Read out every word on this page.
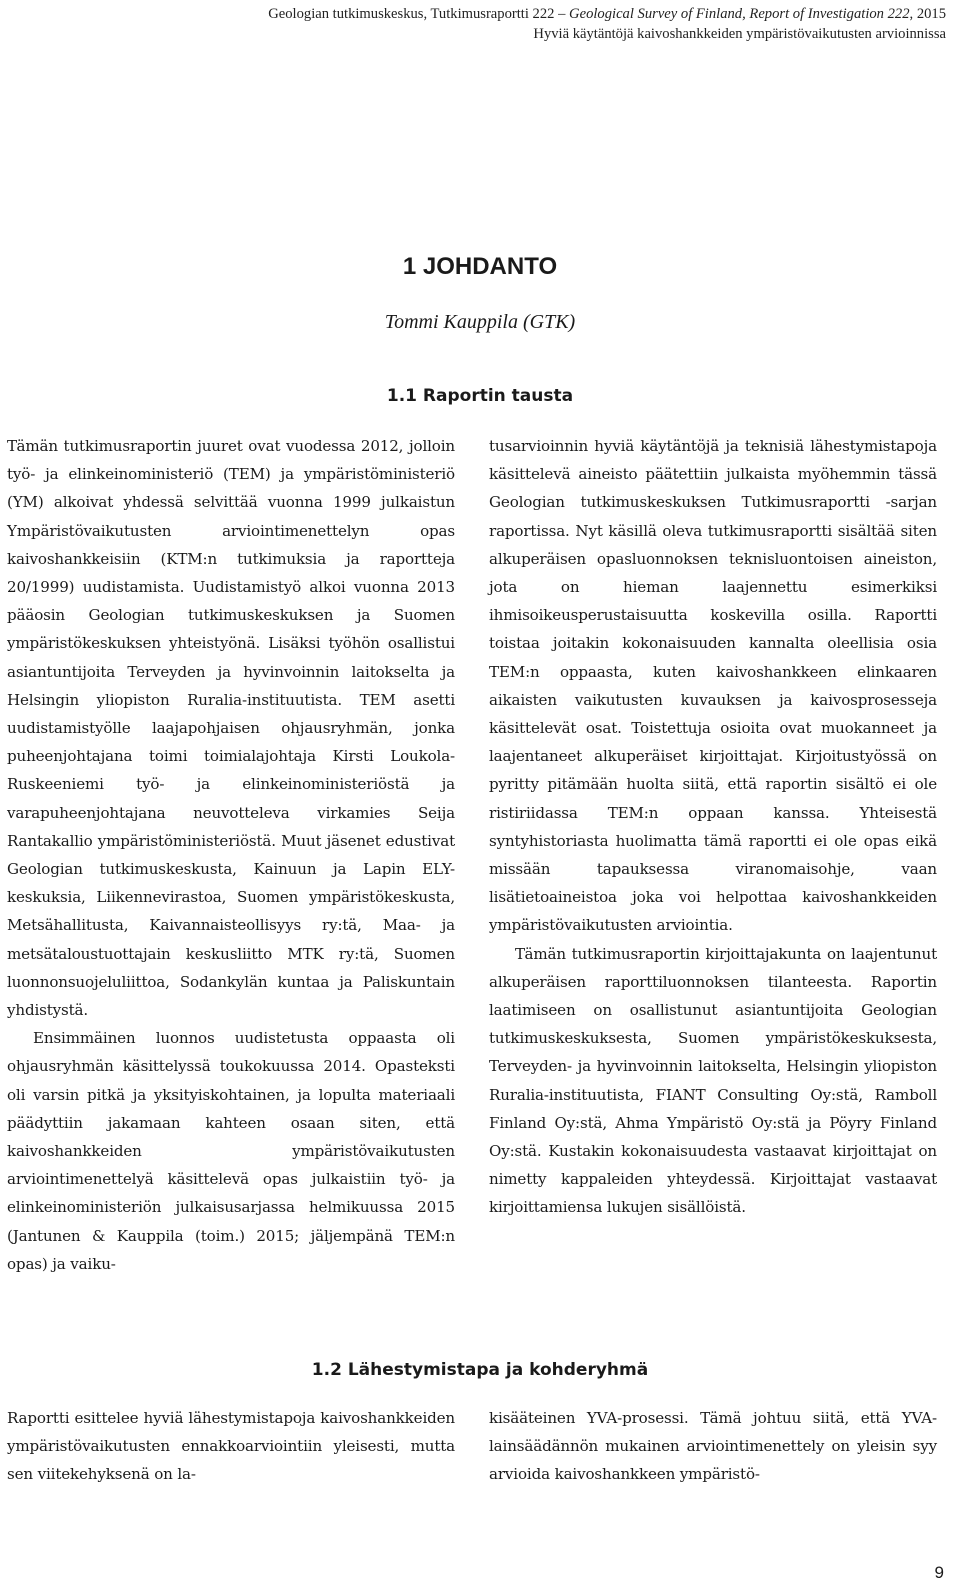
Geologian tutkimuskeskus, Tutkimusraportti 222 – Geological Survey of Finland, Report of Investigation 222, 2015
Hyviä käytäntöjä kaivoshankkeiden ympäristövaikutusten arvioinnissa
1 JOHDANTO
Tommi Kauppila (GTK)
1.1 Raportin tausta

Tämän tutkimusraportin juuret ovat vuodessa 2012, jolloin työ- ja elinkeinoministeriö (TEM) ja ympäristöministeriö (YM) alkoivat yhdessä selvittää vuonna 1999 julkaistun Ympäristövaikutusten arviointimenettelyn opas kaivoshankkeisiin (KTM:n tutkimuksia ja raportteja 20/1999) uudistamista. Uudistamistyö alkoi vuonna 2013 pääosin Geologian tutkimuskeskuksen ja Suomen ympäristökeskuksen yhteistyönä. Lisäksi työhön osallistui asiantuntijoita Terveyden ja hyvinvoinnin laitokselta ja Helsingin yliopiston Ruralia-instituutista. TEM asetti uudistamistyölle laajapohjaisen ohjausryhmän, jonka puheenjohtajana toimi toimialajohtaja Kirsti Loukola-Ruskeeniemi työ- ja elinkeinoministeriöstä ja varapuheenjohtajana neuvotteleva virkamies Seija Rantakallio ympäristöministeriöstä. Muut jäsenet edustivat Geologian tutkimuskeskusta, Kainuun ja Lapin ELY-keskuksia, Liikennevirastoa, Suomen ympäristökeskusta, Metsähallitusta, Kaivannaisteollisyys ry:tä, Maa- ja metsätaloustuottajain keskusliitto MTK ry:tä, Suomen luonnonsuojeluliittoa, Sodankylän kuntaa ja Paliskuntain yhdistystä.

Ensimmäinen luonnos uudistetusta oppaasta oli ohjausryhmän käsittelyssä toukokuussa 2014. Opasteksti oli varsin pitkä ja yksityiskohtainen, ja lopulta materiaali päädyttiin jakamaan kahteen osaan siten, että kaivoshankkeiden ympäristövaikutusten arviointimenettelyä käsittelevä opas julkaistiin työ- ja elinkeinoministeriön julkaisusarjassa helmikuussa 2015 (Jantunen & Kauppila (toim.) 2015; jäljempänä TEM:n opas) ja vaiku-

tusarvioinnin hyviä käytäntöjä ja teknisiä lähestymistapoja käsittelevä aineisto päätettiin julkaista myöhemmin tässä Geologian tutkimuskeskuksen Tutkimusraportti -sarjan raportissa. Nyt käsillä oleva tutkimusraportti sisältää siten alkuperäisen opasluonnoksen teknisluontoisen aineiston, jota on hieman laajennettu esimerkiksi ihmisoikeusperustaisuutta koskevilla osilla. Raportti toistaa joitakin kokonaisuuden kannalta oleellisia osia TEM:n oppaasta, kuten kaivoshankkeen elinkaaren aikaisten vaikutusten kuvauksen ja kaivosprosesseja käsittelevät osat. Toistettuja osioita ovat muokanneet ja laajentaneet alkuperäiset kirjoittajat. Kirjoitustyössä on pyritty pitämään huolta siitä, että raportin sisältö ei ole ristiriidassa TEM:n oppaan kanssa. Yhteisestä syntyhistoriasta huolimatta tämä raportti ei ole opas eikä missään tapauksessa viranomaisohje, vaan lisätietoaineistoa joka voi helpottaa kaivoshankkeiden ympäristövaikutusten arviointia.

Tämän tutkimusraportin kirjoittajakunta on laajentunut alkuperäisen raporttiluonnoksen tilanteesta. Raportin laatimiseen on osallistunut asiantuntijoita Geologian tutkimuskeskuksesta, Suomen ympäristökeskuksesta, Terveyden- ja hyvinvoinnin laitokselta, Helsingin yliopiston Ruralia-instituutista, FIANT Consulting Oy:stä, Ramboll Finland Oy:stä, Ahma Ympäristö Oy:stä ja Pöyry Finland Oy:stä. Kustakin kokonaisuudesta vastaavat kirjoittajat on nimetty kappaleiden yhteydessä. Kirjoittajat vastaavat kirjoittamiensa lukujen sisällöistä.

1.2 Lähestymistapa ja kohderyhmä

Raportti esittelee hyviä lähestymistapoja kaivoshankkeiden ympäristövaikutusten ennakkoarviointiin yleisesti, mutta sen viitekehyksenä on la-

kisääteinen YVA-prosessi. Tämä johtuu siitä, että YVA-lainsäädännön mukainen arviointimenettely on yleisin syy arvioida kaivoshankkeen ympäristö-

9
